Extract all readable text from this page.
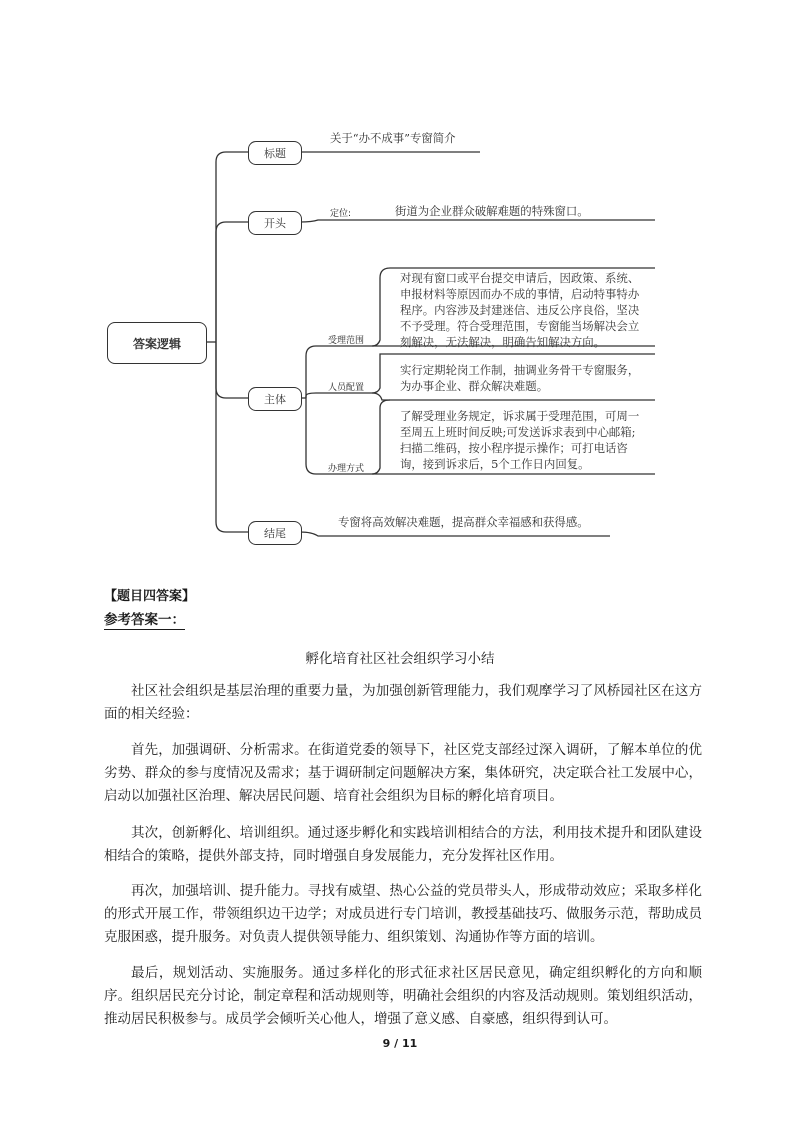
答案逻辑
标题
关于“办不成事”专窗简介
开头
定位:	街道为企业群众破解难题的特殊窗口。
主体
受理范围
对现有窗口或平台提交申请后，因政策、系统、
申报材料等原因而办不成的事情，启动特事特办
程序。内容涉及封建迷信、违反公序良俗，坚决
不予受理。符合受理范围，专窗能当场解决会立
刻解决，无法解决，明确告知解决方向。
人员配置
实行定期轮岗工作制，抽调业务骨干专窗服务，
为办事企业、群众解决难题。
办理方式
了解受理业务规定，诉求属于受理范围，可周一
至周五上班时间反映;可发送诉求表到中心邮箱;
扫描二维码，按小程序提示操作；可打电话咨
询，接到诉求后，5个工作日内回复。
结尾
专窗将高效解决难题，提高群众幸福感和获得感。
【题目四答案】
参考答案一：
孵化培育社区社会组织学习小结
社区社会组织是基层治理的重要力量，为加强创新管理能力，我们观摩学习了风桥园社区在这方面的相关经验：
首先，加强调研、分析需求。在街道党委的领导下，社区党支部经过深入调研，了解本单位的优劣势、群众的参与度情况及需求；基于调研制定问题解决方案，集体研究，决定联合社工发展中心，启动以加强社区治理、解决居民问题、培育社会组织为目标的孵化培育项目。
其次，创新孵化、培训组织。通过逐步孵化和实践培训相结合的方法，利用技术提升和团队建设相结合的策略，提供外部支持，同时增强自身发展能力，充分发挥社区作用。
再次，加强培训、提升能力。寻找有威望、热心公益的党员带头人，形成带动效应；采取多样化的形式开展工作，带领组织边干边学；对成员进行专门培训，教授基础技巧、做服务示范，帮助成员克服困惑，提升服务。对负责人提供领导能力、组织策划、沟通协作等方面的培训。
最后，规划活动、实施服务。通过多样化的形式征求社区居民意见，确定组织孵化的方向和顺序。组织居民充分讨论，制定章程和活动规则等，明确社会组织的内容及活动规则。策划组织活动，推动居民积极参与。成员学会倾听关心他人，增强了意义感、自豪感，组织得到认可。
9 / 11
